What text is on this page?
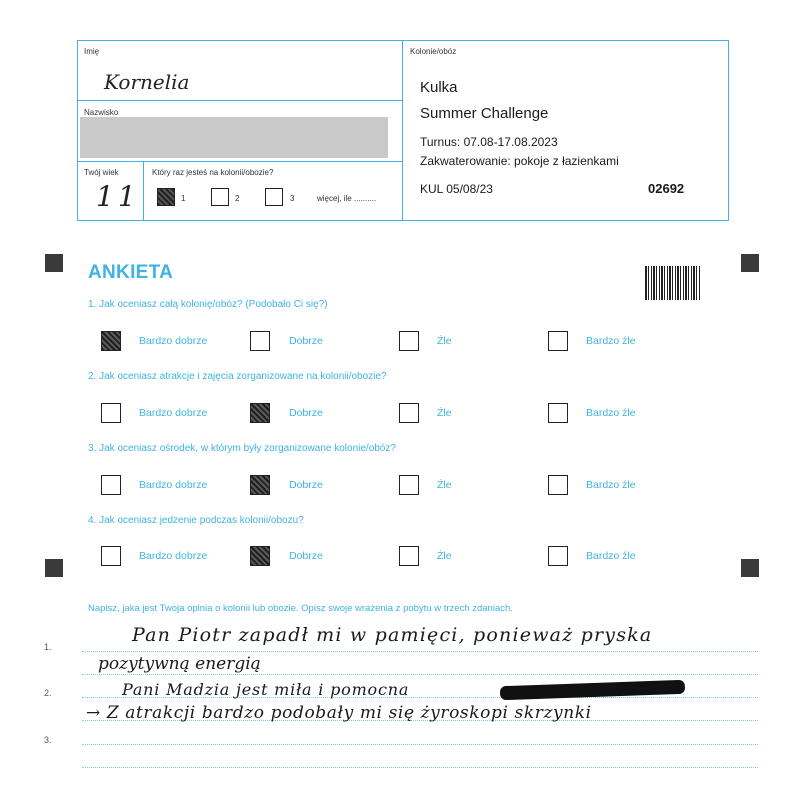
Imię
Kornelia
Nazwisko
Twój wiek
11
Który raz jesteś na kolonii/obozie?
1	2	3	więcej, ile ..........
Kolonie/obóz
Kulka
Summer Challenge
Turnus: 07.08-17.08.2023
Zakwaterowanie: pokoje z łazienkami
KUL 05/08/23	02692
ANKIETA
1. Jak oceniasz całą kolonię/obóz? (Podobało Ci się?)
Bardzo dobrze	Dobrze	Źle	Bardzo źle
2. Jak oceniasz atrakcje i zajęcia zorganizowane na kolonii/obozie?
Bardzo dobrze	Dobrze	Źle	Bardzo źle
3. Jak oceniasz ośrodek, w którym były zorganizowane kolonie/obóz?
Bardzo dobrze	Dobrze	Źle	Bardzo źle
4. Jak oceniasz jedzenie podczas kolonii/obozu?
Bardzo dobrze	Dobrze	Źle	Bardzo źle
Napisz, jaka jest Twoja opinia o kolonii lub obozie. Opisz swoje wrażenia z pobytu w trzech zdaniach.
1.
2.
3.
Pan Piotr zapadł mi w pamięci, ponieważ pryska
pozytywną energią
Pani Madzia jest miła i pomocna
→ Z atrakcji bardzo podobały mi się żyroskopi skrzynki
